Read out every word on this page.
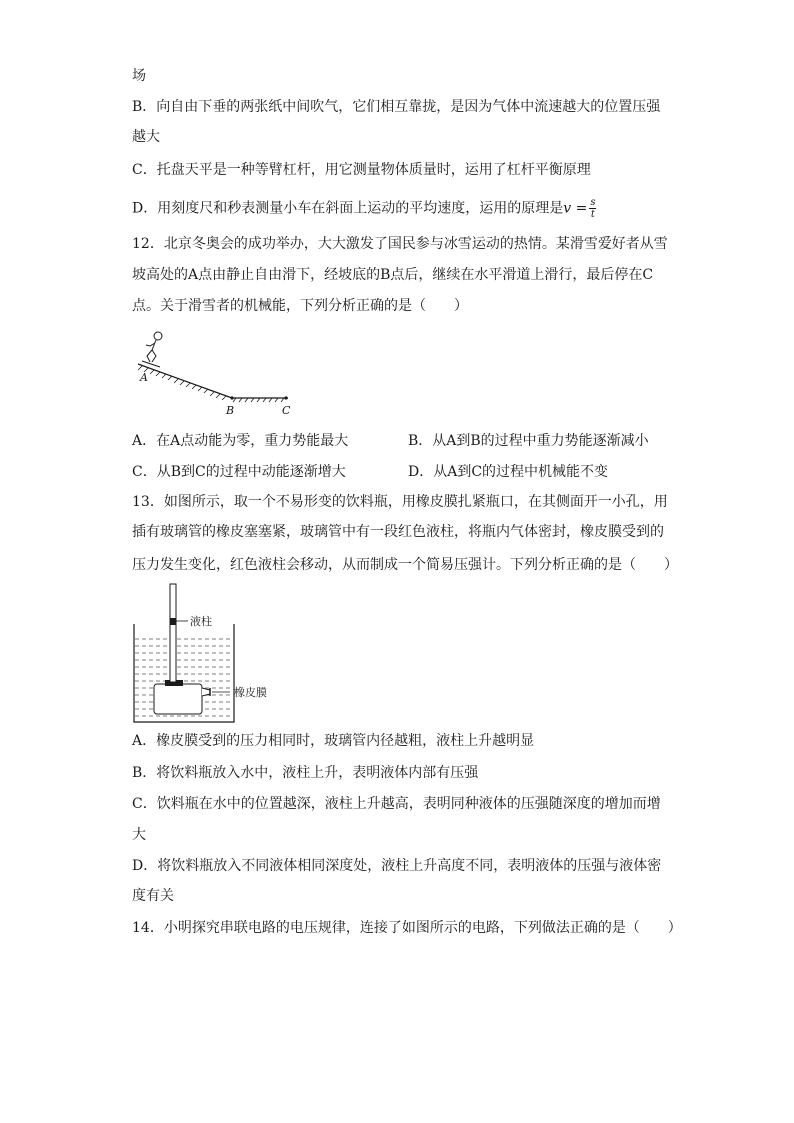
场
B．向自由下垂的两张纸中间吹气，它们相互靠拢，是因为气体中流速越大的位置压强
越大
C．托盘天平是一种等臂杠杆，用它测量物体质量时，运用了杠杆平衡原理
D．用刻度尺和秒表测量小车在斜面上运动的平均速度，运用的原理是$v = \frac{s}{t}$
12．北京冬奥会的成功举办，大大激发了国民参与冰雪运动的热情。某滑雪爱好者从雪
坡高处的A点由静止自由滑下，经坡底的B点后，继续在水平滑道上滑行，最后停在C
点。关于滑雪者的机械能，下列分析正确的是（　　）
A
B	C
A．在A点动能为零，重力势能最大	B．从A到B的过程中重力势能逐渐减小
C．从B到C的过程中动能逐渐增大	D．从A到C的过程中机械能不变
13．如图所示，取一个不易形变的饮料瓶，用橡皮膜扎紧瓶口，在其侧面开一小孔，用
插有玻璃管的橡皮塞塞紧，玻璃管中有一段红色液柱，将瓶内气体密封，橡皮膜受到的
压力发生变化，红色液柱会移动，从而制成一个简易压强计。下列分析正确的是（　　）
液柱
橡皮膜
A．橡皮膜受到的压力相同时，玻璃管内径越粗，液柱上升越明显
B．将饮料瓶放入水中，液柱上升，表明液体内部有压强
C．饮料瓶在水中的位置越深，液柱上升越高，表明同种液体的压强随深度的增加而增
大
D．将饮料瓶放入不同液体相同深度处，液柱上升高度不同，表明液体的压强与液体密
度有关
14．小明探究串联电路的电压规律，连接了如图所示的电路，下列做法正确的是（　　）
